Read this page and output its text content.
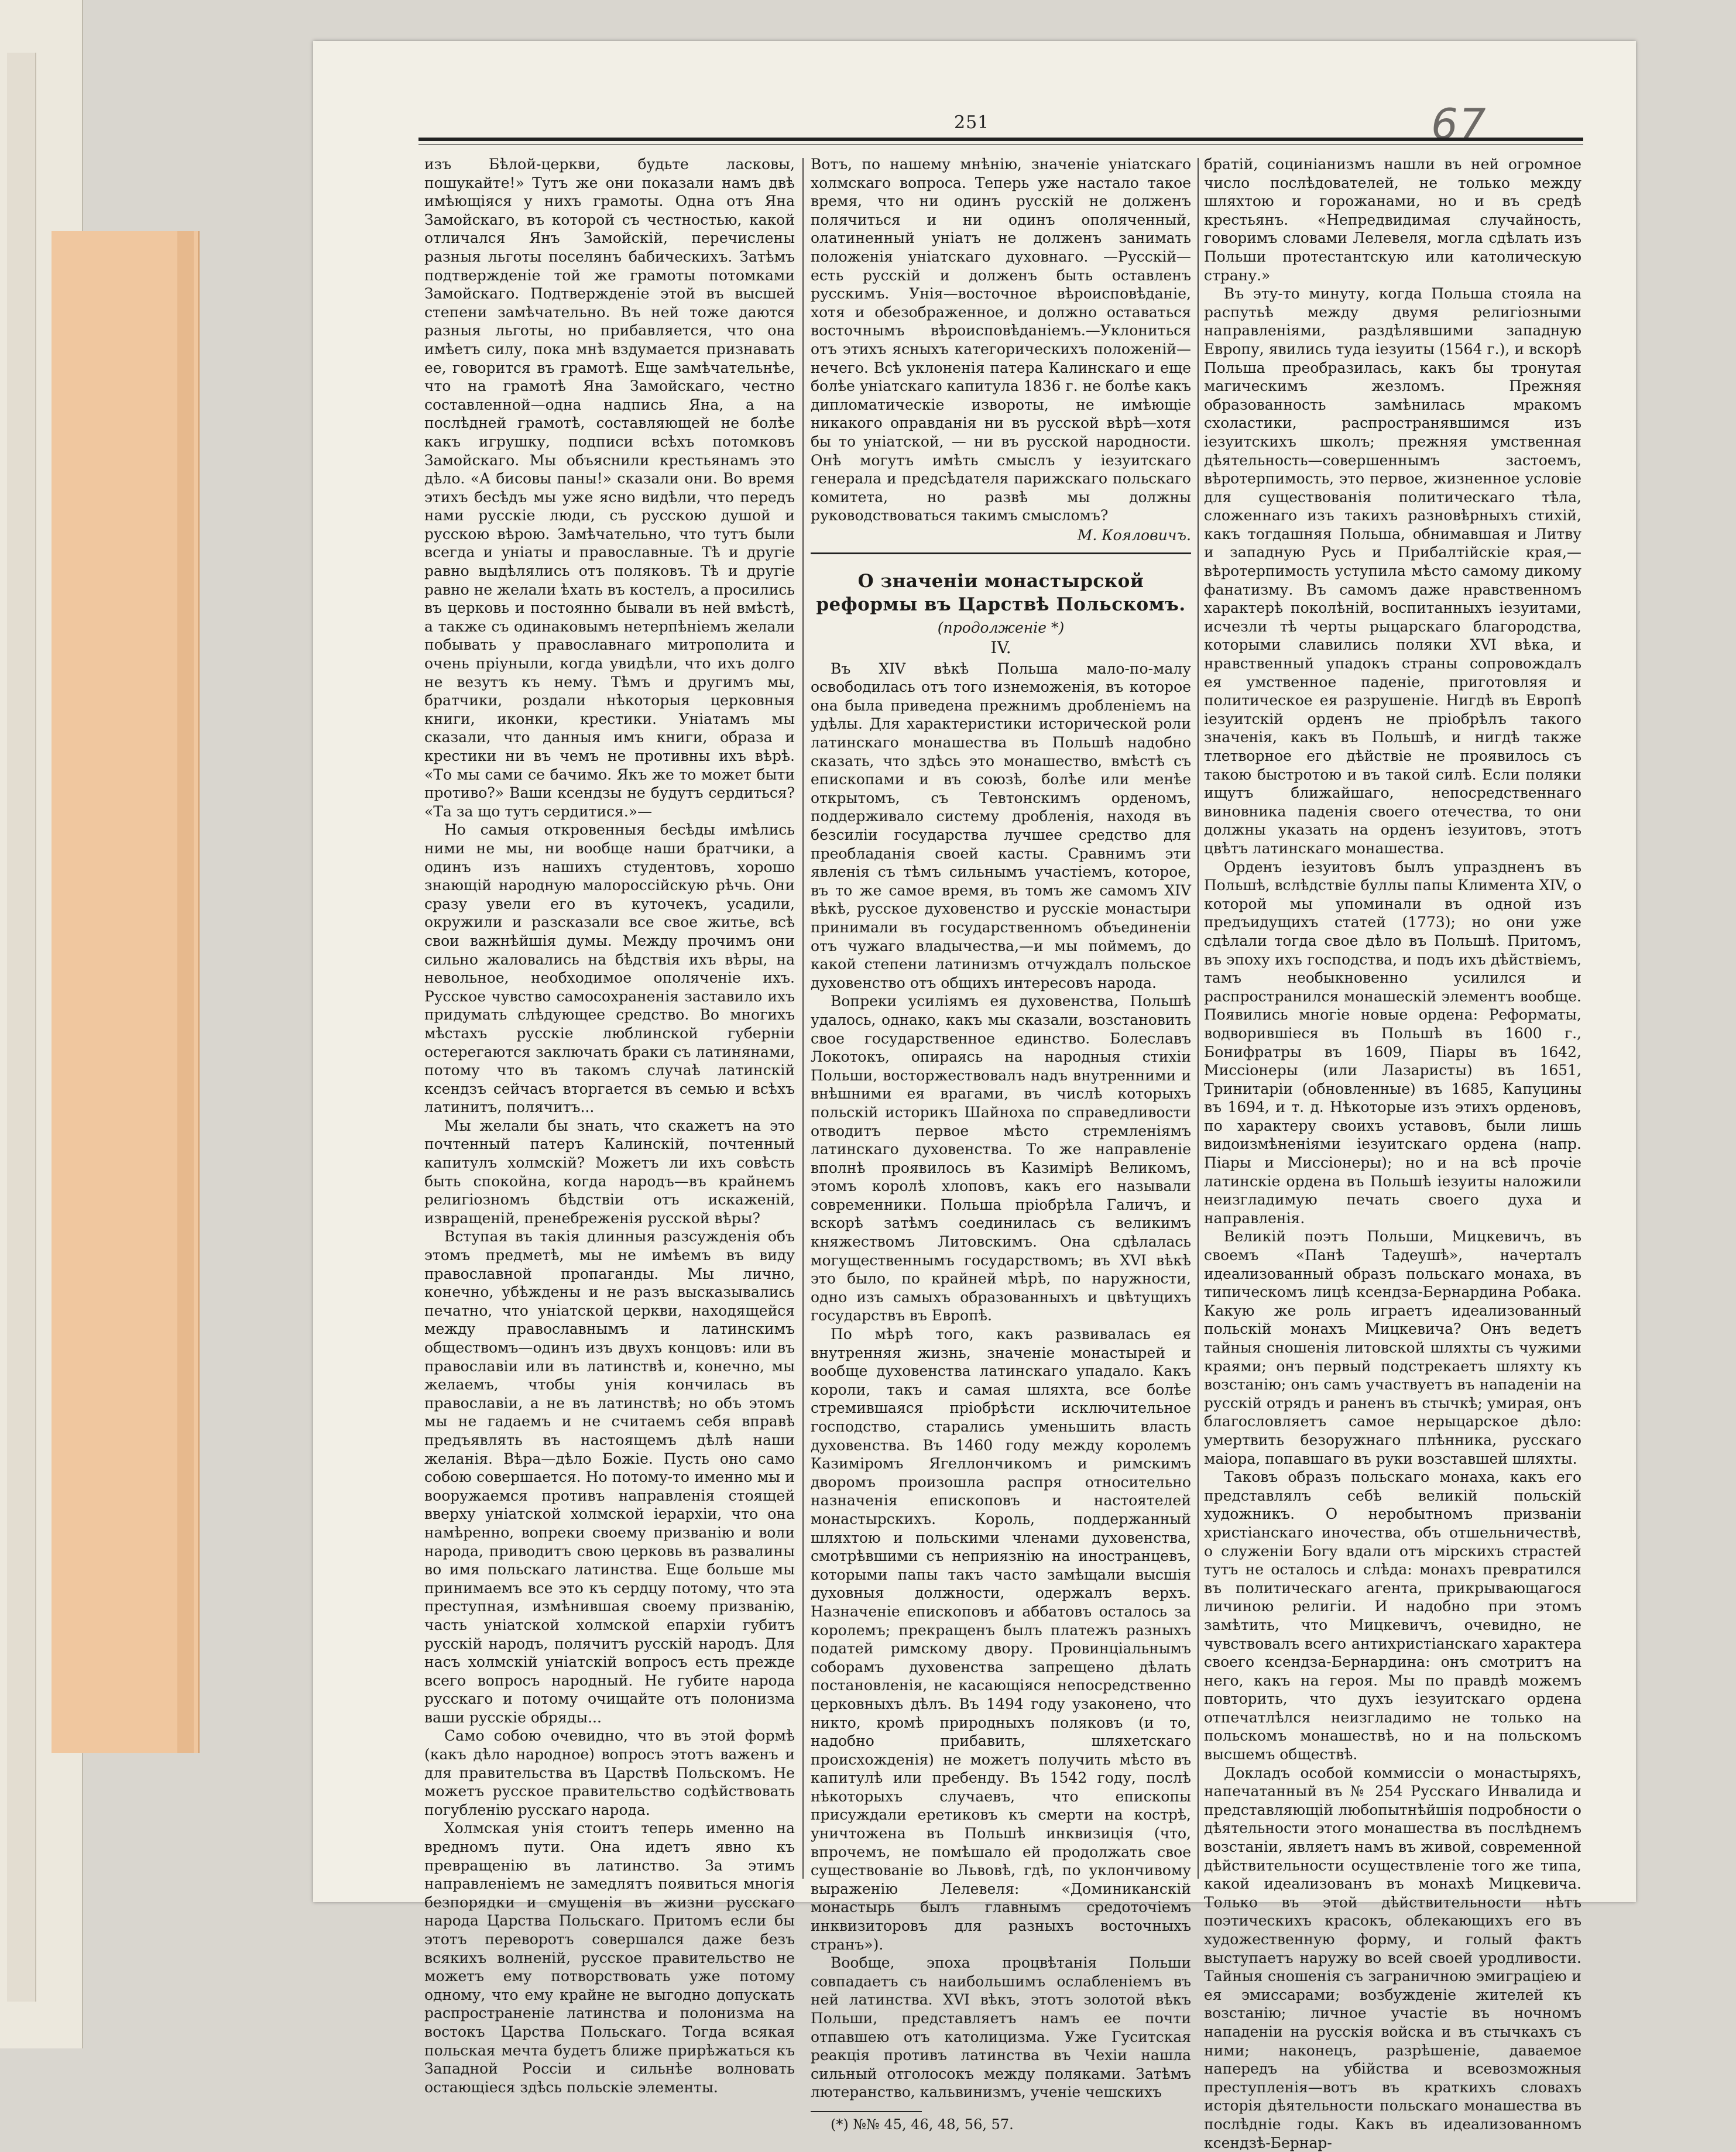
251	67

изъ Бѣлой-церкви, будьте ласковы, пошукайте!» Тутъ же они показали намъ двѣ имѣющіяся у нихъ грамоты. Одна отъ Яна Замойскаго, въ которой съ честностью, какой отличался Янъ Замойскій, перечислены разныя льготы поселянъ бабическихъ. Затѣмъ подтвержденіе той же грамоты потомками Замойскаго. Подтвержденіе этой въ высшей степени замѣчательно. Въ ней тоже даются разныя льготы, но прибавляется, что она имѣетъ силу, пока мнѣ вздумается признавать ее, говорится въ грамотѣ. Еще замѣчательнѣе, что на грамотѣ Яна Замойскаго, честно составленной—одна надпись Яна, а на послѣдней грамотѣ, составляющей не болѣе какъ игрушку, подписи всѣхъ потомковъ Замойскаго. Мы объяснили крестьянамъ это дѣло. «А бисовы паны!» сказали они. Во время этихъ бесѣдъ мы уже ясно видѣли, что передъ нами русскіе люди, съ русскою душой и русскою вѣрою. Замѣчательно, что тутъ были всегда и уніаты и православные. Тѣ и другіе равно выдѣлялись отъ поляковъ. Тѣ и другіе равно не желали ѣхать въ костелъ, а просились въ церковь и постоянно бывали въ ней вмѣстѣ, а также съ одинаковымъ нетерпѣніемъ желали побывать у православнаго митрополита и очень пріуныли, когда увидѣли, что ихъ долго не везутъ къ нему. Тѣмъ и другимъ мы, братчики, роздали нѣкоторыя церковныя книги, иконки, крестики. Уніатамъ мы сказали, что данныя имъ книги, образа и крестики ни въ чемъ не противны ихъ вѣрѣ. «То мы сами се бачимо. Якъ же то может быти противо?» Ваши ксендзы не будутъ сердиться? «Та за що тутъ сердитися.»—

Но самыя откровенныя бесѣды имѣлись ними не мы, ни вообще наши братчики, а одинъ изъ нашихъ студентовъ, хорошо знающій народную малороссійскую рѣчь. Они сразу увели его въ куточекъ, усадили, окружили и разсказали все свое житье, всѣ свои важнѣйшія думы. Между прочимъ они сильно жаловались на бѣдствія ихъ вѣры, на невольное, необходимое ополяченіе ихъ. Русское чувство самосохраненія заставило ихъ придумать слѣдующее средство. Во многихъ мѣстахъ русскіе люблинской губерніи остерегаются заключать браки съ латинянами, потому что въ такомъ случаѣ латинскій ксендзъ сейчасъ вторгается въ семью и всѣхъ латинитъ, полячитъ...

Мы желали бы знать, что скажетъ на это почтенный патеръ Калинскій, почтенный капитулъ холмскій? Можетъ ли ихъ совѣсть быть спокойна, когда народъ—въ крайнемъ религіозномъ бѣдствіи отъ искаженій, извращеній, пренебреженія русской вѣры?

Вступая въ такія длинныя разсужденія объ этомъ предметѣ, мы не имѣемъ въ виду православной пропаганды. Мы лично, конечно, убѣждены и не разъ высказывались печатно, что уніатской церкви, находящейся между православнымъ и латинскимъ обществомъ—одинъ изъ двухъ концовъ: или въ православіи или въ латинствѣ и, конечно, мы желаемъ, чтобы унія кончилась въ православіи, а не въ латинствѣ; но объ этомъ мы не гадаемъ и не считаемъ себя вправѣ предъявлять въ настоящемъ дѣлѣ наши желанія. Вѣра—дѣло Божіе. Пусть оно само собою совершается. Но потому-то именно мы и вооружаемся противъ направленія стоящей вверху уніатской холмской іерархіи, что она намѣренно, вопреки своему призванію и воли народа, приводитъ свою церковь въ развалины во имя польскаго латинства. Еще больше мы принимаемъ все это къ сердцу потому, что эта преступная, измѣнившая своему призванію, часть уніатской холмской епархіи губитъ русскій народъ, полячитъ русскій народъ. Для насъ холмскій уніатскій вопросъ есть прежде всего вопросъ народный. Не губите народа русскаго и потому очищайте отъ полонизма ваши русскіе обряды...

Само собою очевидно, что въ этой формѣ (какъ дѣло народное) вопросъ этотъ важенъ и для правительства въ Царствѣ Польскомъ. Не можетъ русское правительство содѣйствовать погубленію русскаго народа.

Холмская унія стоитъ теперь именно на вредномъ пути. Она идетъ явно къ превращенію въ латинство. За этимъ направленіемъ не замедлятъ появиться многія безпорядки и смущенія въ жизни русскаго народа Царства Польскаго. Притомъ если бы этотъ переворотъ совершался даже безъ всякихъ волненій, русское правительство не можетъ ему потворствовать уже потому одному, что ему крайне не выгодно допускать распространеніе латинства и полонизма на востокъ Царства Польскаго. Тогда всякая польская мечта будетъ ближе прирѣжаться къ Западной Россіи и сильнѣе волновать остающіеся здѣсь польскіе элементы.

Вотъ, по нашему мнѣнію, значеніе уніатскаго холмскаго вопроса. Теперь уже настало такое время, что ни одинъ русскій не долженъ полячиться и ни одинъ ополяченный, олатиненный уніатъ не долженъ занимать положенія уніатскаго духовнаго. —Русскій—есть русскій и долженъ быть оставленъ русскимъ. Унія—восточное вѣроисповѣданіе, хотя и обезображенное, и должно оставаться восточнымъ вѣроисповѣданіемъ.—Уклониться отъ этихъ ясныхъ категорическихъ положеній—нечего. Всѣ уклоненія патера Калинскаго и еще болѣе уніатскаго капитула 1836 г. не болѣе какъ дипломатическіе извороты, не имѣющіе никакого оправданія ни въ русской вѣрѣ—хотя бы то уніатской, — ни въ русской народности. Онѣ могутъ имѣть смыслъ у іезуитскаго генерала и предсѣдателя парижскаго польскаго комитета, но развѣ мы должны руководствоваться такимъ смысломъ?

М. Кояловичъ.
О значеніи монастырской реформы въ Царствѣ Польскомъ.
(продолженіе *)
IV.

Въ XIV вѣкѣ Польша мало-по-малу освободилась отъ того изнеможенія, въ которое она была приведена прежнимъ дробленіемъ на удѣлы. Для характеристики исторической роли латинскаго монашества въ Польшѣ надобно сказать, что здѣсь это монашество, вмѣстѣ съ епископами и въ союзѣ, болѣе или менѣе открытомъ, съ Тевтонскимъ орденомъ, поддерживало систему дробленія, находя въ безсиліи государства лучшее средство для преобладанія своей касты. Сравнимъ эти явленія съ тѣмъ сильнымъ участіемъ, которое, въ то же самое время, въ томъ же самомъ XIV вѣкѣ, русское духовенство и русскіе монастыри принимали въ государственномъ объединеніи отъ чужаго владычества,—и мы поймемъ, до какой степени латинизмъ отчуждалъ польское духовенство отъ общихъ интересовъ народа.

Вопреки усиліямъ ея духовенства, Польшѣ удалось, однако, какъ мы сказали, возстановить свое государственное единство. Болеславъ Локотокъ, опираясь на народныя стихіи Польши, восторжествовалъ надъ внутренними и внѣшними ея врагами, въ числѣ которыхъ польскій историкъ Шайноха по справедливости отводитъ первое мѣсто стремленіямъ латинскаго духовенства. То же направленіе вполнѣ проявилось въ Казимірѣ Великомъ, этомъ королѣ хлоповъ, какъ его называли современники. Польша пріобрѣла Галичъ, и вскорѣ затѣмъ соединилась съ великимъ княжествомъ Литовскимъ. Она сдѣлалась могущественнымъ государствомъ; въ XVI вѣкѣ это было, по крайней мѣрѣ, по наружности, одно изъ самыхъ образованныхъ и цвѣтущихъ государствъ въ Европѣ.

По мѣрѣ того, какъ развивалась ея внутренняя жизнь, значеніе монастырей и вообще духовенства латинскаго упадало. Какъ короли, такъ и самая шляхта, все болѣе стремившаяся пріобрѣсти исключительное господство, старались уменьшить власть духовенства. Въ 1460 году между королемъ Казиміромъ Ягеллончикомъ и римскимъ дворомъ произошла распря относительно назначенія епископовъ и настоятелей монастырскихъ. Король, поддержанный шляхтою и польскими членами духовенства, смотрѣвшими съ неприязнію на иностранцевъ, которыми папы такъ часто замѣщали высшія духовныя должности, одержалъ верхъ. Назначеніе епископовъ и аббатовъ осталось за королемъ; прекращенъ былъ платежъ разныхъ податей римскому двору. Провинціальнымъ соборамъ духовенства запрещено дѣлать постановленія, не касающіяся непосредственно церковныхъ дѣлъ. Въ 1494 году узаконено, что никто, кромѣ природныхъ поляковъ (и то, надобно прибавить, шляхетскаго происхожденія) не можетъ получить мѣсто въ капитулѣ или пребенду. Въ 1542 году, послѣ нѣкоторыхъ случаевъ, что епископы присуждали еретиковъ къ смерти на кострѣ, уничтожена въ Польшѣ инквизиція (что, впрочемъ, не помѣшало ей продолжать свое существованіе во Львовѣ, гдѣ, по уклончивому выраженію Лелевеля: «Доминиканскій монастырь былъ главнымъ средоточіемъ инквизиторовъ для разныхъ восточныхъ странъ»).

Вообще, эпоха процвѣтанія Польши совпадаетъ съ наибольшимъ ослабленіемъ въ ней латинства. XVI вѣкъ, этотъ золотой вѣкъ Польши, представляетъ намъ ее почти отпавшею отъ католицизма. Уже Гуситская реакція противъ латинства въ Чехіи нашла сильный отголосокъ между поляками. Затѣмъ лютеранство, кальвинизмъ, ученіе чешскихъ

(*) №№ 45, 46, 48, 56, 57.

братій, социніанизмъ нашли въ ней огромное число послѣдователей, не только между шляхтою и горожанами, но и въ средѣ крестьянъ. «Непредвидимая случайность, говоримъ словами Лелевеля, могла сдѣлать изъ Польши протестантскую или католическую страну.»

Въ эту-то минуту, когда Польша стояла на распутьѣ между двумя религіозными направленіями, раздѣлявшими западную Европу, явились туда іезуиты (1564 г.), и вскорѣ Польша преобразилась, какъ бы тронутая магическимъ жезломъ. Прежняя образованность замѣнилась мракомъ схоластики, распространявшимся изъ іезуитскихъ школъ; прежняя умственная дѣятельность—совершеннымъ застоемъ, вѣротерпимость, это первое, жизненное условіе для существованія политическаго тѣла, сложеннаго изъ такихъ разновѣрныхъ стихій, какъ тогдашняя Польша, обнимавшая и Литву и западную Русь и Прибалтійскіе края,—вѣротерпимость уступила мѣсто самому дикому фанатизму. Въ самомъ даже нравственномъ характерѣ поколѣній, воспитанныхъ іезуитами, исчезли тѣ черты рыцарскаго благородства, которыми славились поляки XVI вѣка, и нравственный упадокъ страны сопровождалъ ея умственное паденіе, приготовляя и политическое ея разрушеніе. Нигдѣ въ Европѣ іезуитскій орденъ не пріобрѣлъ такого значенія, какъ въ Польшѣ, и нигдѣ также тлетворное его дѣйствіе не проявилось съ такою быстротою и въ такой силѣ. Если поляки ищутъ ближайшаго, непосредственнаго виновника паденія своего отечества, то они должны указать на орденъ іезуитовъ, этотъ цвѣтъ латинскаго монашества.

Орденъ іезуитовъ былъ упраздненъ въ Польшѣ, вслѣдствіе буллы папы Климента XIV, о которой мы упоминали въ одной изъ предъидущихъ статей (1773); но они уже сдѣлали тогда свое дѣло въ Польшѣ. Притомъ, въ эпоху ихъ господства, и подъ ихъ дѣйствіемъ, тамъ необыкновенно усилился и распространился монашескій элементъ вообще. Появились многіе новые ордена: Реформаты, водворившіеся въ Польшѣ въ 1600 г., Бонифратры въ 1609, Піары въ 1642, Миссіонеры (или Лазаристы) въ 1651, Тринитаріи (обновленные) въ 1685, Капуцины въ 1694, и т. д. Нѣкоторые изъ этихъ орденовъ, по характеру своихъ уставовъ, были лишь видоизмѣненіями іезуитскаго ордена (напр. Піары и Миссіонеры); но и на всѣ прочіе латинскіе ордена въ Польшѣ іезуиты наложили неизгладимую печать своего духа и направленія.

Великій поэтъ Польши, Мицкевичъ, въ своемъ «Панѣ Тадеушѣ», начерталъ идеализованный образъ польскаго монаха, въ типическомъ лицѣ ксендза-Бернардина Робака. Какую же роль играетъ идеализованный польскій монахъ Мицкевича? Онъ ведетъ тайныя сношенія литовской шляхты съ чужими краями; онъ первый подстрекаетъ шляхту къ возстанію; онъ самъ участвуетъ въ нападеніи на русскій отрядъ и раненъ въ стычкѣ; умирая, онъ благословляетъ самое нерыцарское дѣло: умертвить безоружнаго плѣнника, русскаго маіора, попавшаго въ руки возставшей шляхты.

Таковъ образъ польскаго монаха, какъ его представлялъ себѣ великій польскій художникъ. О неробытномъ призваніи христіанскаго иночества, объ отшельничествѣ, о служеніи Богу вдали отъ мірскихъ страстей тутъ не осталось и слѣда: монахъ превратился въ политическаго агента, прикрывающагося личиною религіи. И надобно при этомъ замѣтить, что Мицкевичъ, очевидно, не чувствовалъ всего антихристіанскаго характера своего ксендза-Бернардина: онъ смотритъ на него, какъ на героя. Мы по правдѣ можемъ повторить, что духъ іезуитскаго ордена отпечатлѣлся неизгладимо не только на польскомъ монашествѣ, но и на польскомъ высшемъ обществѣ.

Докладъ особой коммиссіи о монастыряхъ, напечатанный въ № 254 Русскаго Инвалида и представляющій любопытнѣйшія подробности о дѣятельности этого монашества въ послѣднемъ возстаніи, являетъ намъ въ живой, современной дѣйствительности осуществленіе того же типа, какой идеализованъ въ монахѣ Мицкевича. Только въ этой дѣйствительности нѣтъ поэтическихъ красокъ, облекающихъ его въ художественную форму, и голый фактъ выступаетъ наружу во всей своей уродливости. Тайныя сношенія съ заграничною эмиграціею и ея эмиссарами; возбужденіе жителей къ возстанію; личное участіе въ ночномъ нападеніи на русскія войска и въ стычкахъ съ ними; наконецъ, разрѣшеніе, даваемое напередъ на убійства и всевозможныя преступленія—вотъ въ краткихъ словахъ исторія дѣятельности польскаго монашества въ послѣдніе годы. Какъ въ идеализованномъ ксендзѣ-Бернар-
